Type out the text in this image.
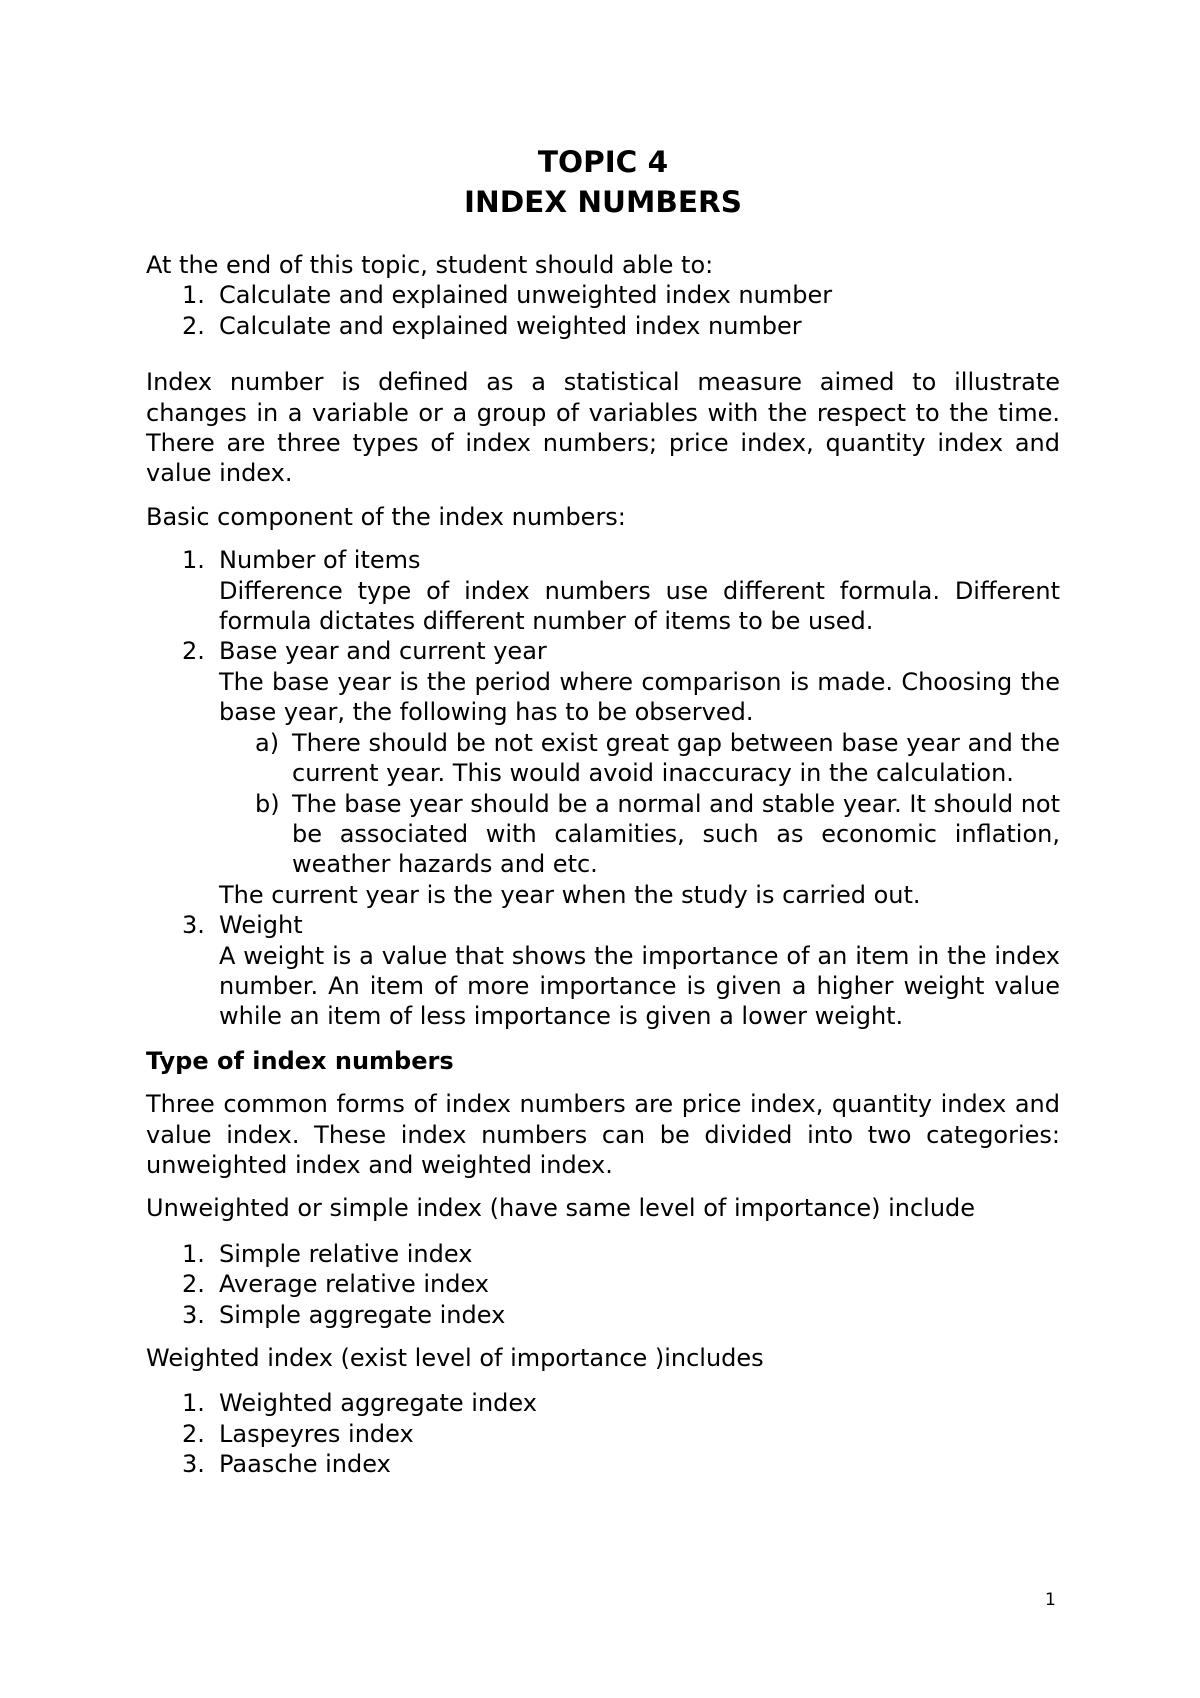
TOPIC 4
INDEX NUMBERS

At the end of this topic, student should able to:

1. Calculate and explained unweighted index number
2. Calculate and explained weighted index number

Index number is defined as a statistical measure aimed to illustrate changes in a variable or a group of variables with the respect to the time. There are three types of index numbers; price index, quantity index and value index.

Basic component of the index numbers:

1. Number of items
Difference type of index numbers use different formula. Different formula dictates different number of items to be used.
2. Base year and current year
The base year is the period where comparison is made. Choosing the base year, the following has to be observed.
a) There should be not exist great gap between base year and the current year. This would avoid inaccuracy in the calculation.
b) The base year should be a normal and stable year. It should not be associated with calamities, such as economic inflation, weather hazards and etc.
The current year is the year when the study is carried out.
3. Weight
A weight is a value that shows the importance of an item in the index number. An item of more importance is given a higher weight value while an item of less importance is given a lower weight.

Type of index numbers

Three common forms of index numbers are price index, quantity index and value index. These index numbers can be divided into two categories: unweighted index and weighted index.

Unweighted or simple index (have same level of importance) include

1. Simple relative index
2. Average relative index
3. Simple aggregate index

Weighted index (exist level of importance )includes

1. Weighted aggregate index
2. Laspeyres index
3. Paasche index
1
